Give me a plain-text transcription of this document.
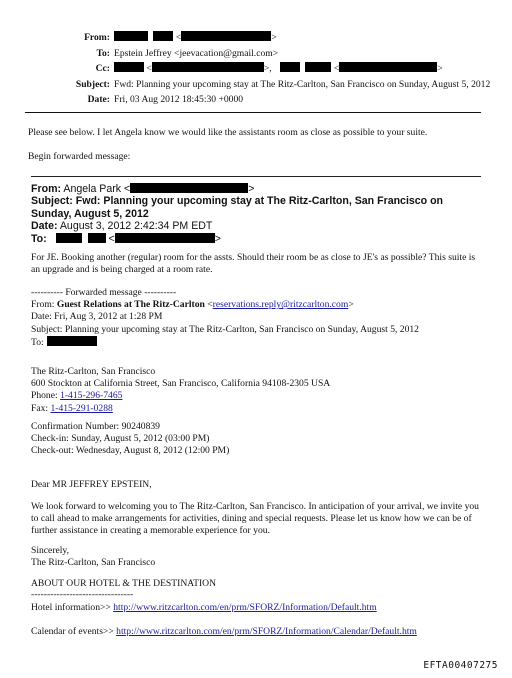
From:	<	>
To: Epstein Jeffrey <jeevacation@gmail.com>
Cc:	<	>,	<	>
Subject: Fwd: Planning your upcoming stay at The Ritz-Carlton, San Francisco on Sunday, August 5, 2012
Date: Fri, 03 Aug 2012 18:45:30 +0000
Please see below. I let Angela know we would like the assistants room as close as possible to your suite.
Begin forwarded message:
From: Angela Park <	>
Subject: Fwd: Planning your upcoming stay at The Ritz-Carlton, San Francisco on Sunday, August 5, 2012
Date: August 3, 2012 2:42:34 PM EDT
To:	<	>
For JE. Booking another (regular) room for the assts. Should their room be as close to JE's as possible? This suite is an upgrade and is being charged at a room rate.
---------- Forwarded message ----------
From: Guest Relations at The Ritz-Carlton <reservations.reply@ritzcarlton.com>
Date: Fri, Aug 3, 2012 at 1:28 PM
Subject: Planning your upcoming stay at The Ritz-Carlton, San Francisco on Sunday, August 5, 2012
To:
The Ritz-Carlton, San Francisco
600 Stockton at California Street, San Francisco, California 94108-2305 USA
Phone: 1-415-296-7465
Fax: 1-415-291-0288
Confirmation Number: 90240839
Check-in: Sunday, August 5, 2012 (03:00 PM)
Check-out: Wednesday, August 8, 2012 (12:00 PM)
Dear MR JEFFREY EPSTEIN,
We look forward to welcoming you to The Ritz-Carlton, San Francisco. In anticipation of your arrival, we invite you to call ahead to make arrangements for activities, dining and special requests. Please let us know how we can be of further assistance in creating a memorable experience for you.
Sincerely,
The Ritz-Carlton, San Francisco
ABOUT OUR HOTEL & THE DESTINATION
--------------------------------
Hotel information>> http://www.ritzcarlton.com/en/prm/SFORZ/Information/Default.htm
Calendar of events>> http://www.ritzcarlton.com/en/prm/SFORZ/Information/Calendar/Default.htm
EFTA00407275
